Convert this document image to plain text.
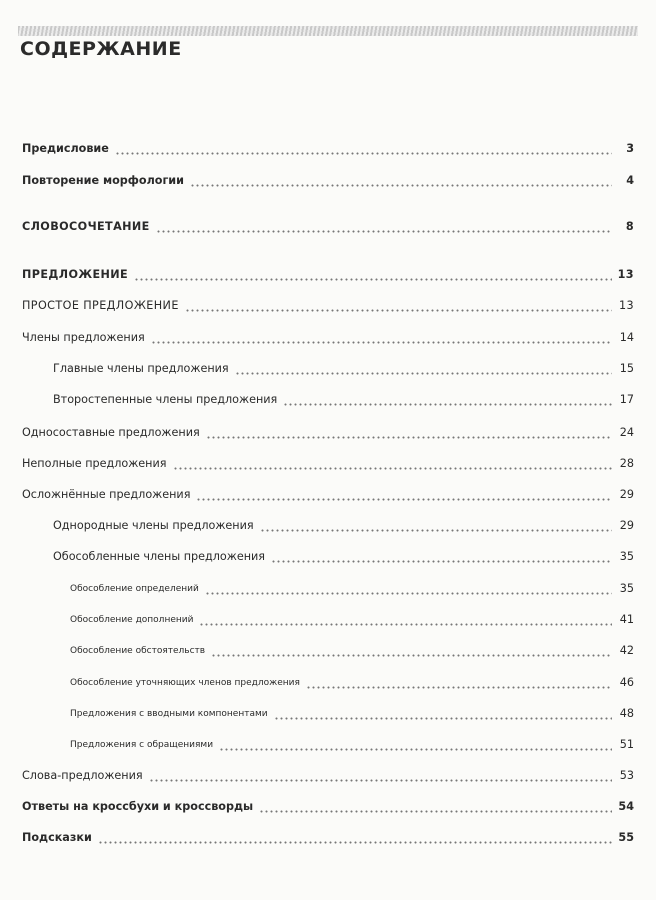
СОДЕРЖАНИЕ
Предисловие	3
Повторение морфологии	4
СЛОВОСОЧЕТАНИЕ	8
ПРЕДЛОЖЕНИЕ	13
ПРОСТОЕ ПРЕДЛОЖЕНИЕ	13
Члены предложения	14
Главные члены предложения	15
Второстепенные члены предложения	17
Односоставные предложения	24
Неполные предложения	28
Осложнённые предложения	29
Однородные члены предложения	29
Обособленные члены предложения	35
Обособление определений	35
Обособление дополнений	41
Обособление обстоятельств	42
Обособление уточняющих членов предложения	46
Предложения с вводными компонентами	48
Предложения с обращениями	51
Слова-предложения	53
Ответы на кроссбухи и кроссворды	54
Подсказки	55
